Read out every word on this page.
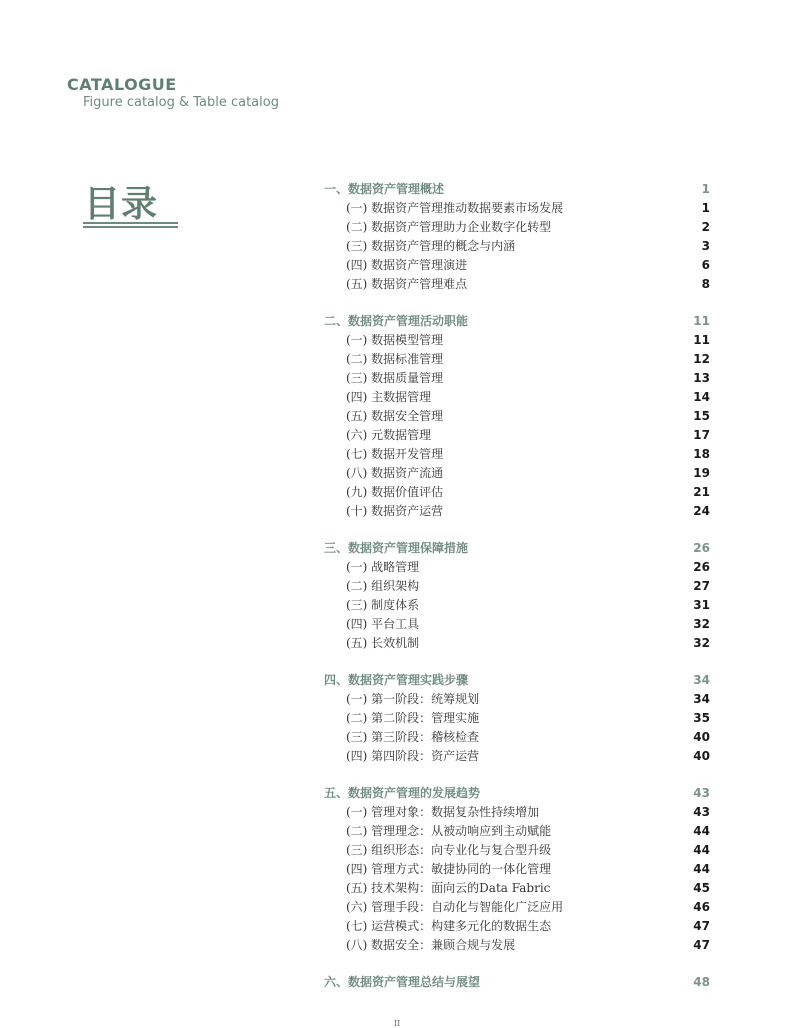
CATALOGUE
Figure catalog & Table catalog
目录	一、数据资产管理概述	1
(一) 数据资产管理推动数据要素市场发展	1
(二) 数据资产管理助力企业数字化转型	2
(三) 数据资产管理的概念与内涵	3
(四) 数据资产管理演进	6
(五) 数据资产管理难点	8
二、数据资产管理活动职能	11
(一) 数据模型管理	11
(二) 数据标准管理	12
(三) 数据质量管理	13
(四) 主数据管理	14
(五) 数据安全管理	15
(六) 元数据管理	17
(七) 数据开发管理	18
(八) 数据资产流通	19
(九) 数据价值评估	21
(十) 数据资产运营	24
三、数据资产管理保障措施	26
(一) 战略管理	26
(二) 组织架构	27
(三) 制度体系	31
(四) 平台工具	32
(五) 长效机制	32
四、数据资产管理实践步骤	34
(一) 第一阶段：统筹规划	34
(二) 第二阶段：管理实施	35
(三) 第三阶段：稽核检查	40
(四) 第四阶段：资产运营	40
五、数据资产管理的发展趋势	43
(一) 管理对象：数据复杂性持续增加	43
(二) 管理理念：从被动响应到主动赋能	44
(三) 组织形态：向专业化与复合型升级	44
(四) 管理方式：敏捷协同的一体化管理	44
(五) 技术架构：面向云的Data Fabric	45
(六) 管理手段：自动化与智能化广泛应用	46
(七) 运营模式：构建多元化的数据生态	47
(八) 数据安全：兼顾合规与发展	47
六、数据资产管理总结与展望	48
II
